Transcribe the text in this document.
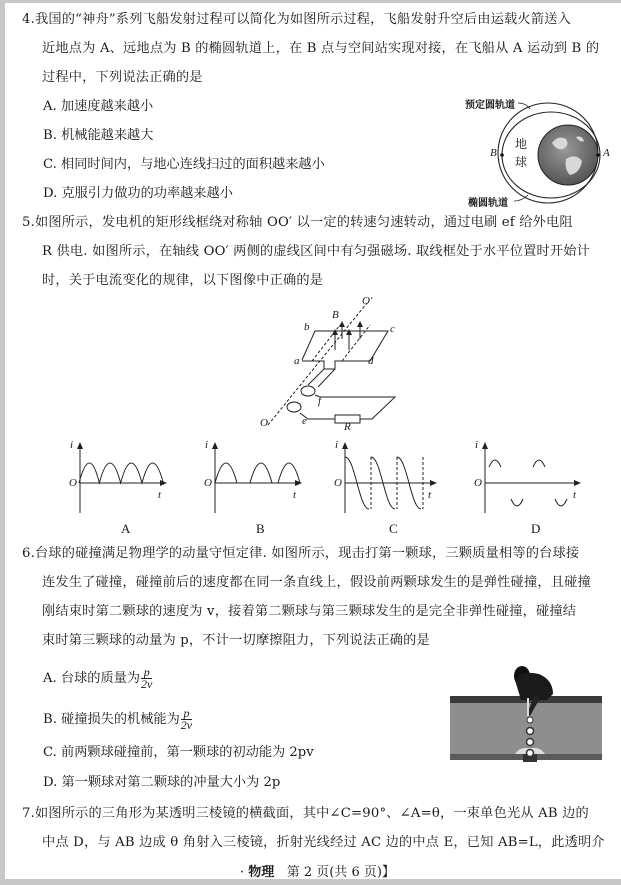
4.我国的“神舟”系列飞船发射过程可以简化为如图所示过程，飞船发射升空后由运载火箭送入
近地点为 A、远地点为 B 的椭圆轨道上，在 B 点与空间站实现对接，在飞船从 A 运动到 B 的
过程中，下列说法正确的是
A. 加速度越来越小
B. 机械能越来越大
C. 相同时间内，与地心连线扫过的面积越来越小
D. 克服引力做功的功率越来越小
预定圆轨道
椭圆轨道
地
球
B	A
5.如图所示，发电机的矩形线框绕对称轴 OO′ 以一定的转速匀速转动，通过电刷 ef 给外电阻
R 供电. 如图所示，在轴线 OO′ 两侧的虚线区间中有匀强磁场. 取线框处于水平位置时开始计
时，关于电流变化的规律，以下图像中正确的是
O′
B
b	c
a	d
f
e
O	R
i
O
t
A
i
O
t
B
i
O
t
C
i
O
t
D
6.台球的碰撞满足物理学的动量守恒定律. 如图所示，现击打第一颗球，三颗质量相等的台球接
连发生了碰撞，碰撞前后的速度都在同一条直线上，假设前两颗球发生的是弹性碰撞，且碰撞
刚结束时第二颗球的速度为 v，接着第二颗球与第三颗球发生的是完全非弹性碰撞，碰撞结
束时第三颗球的动量为 p，不计一切摩擦阻力，下列说法正确的是
A. 台球的质量为 $\frac{p}{2v}$
B. 碰撞损失的机械能为 $\frac{p}{2v}$
C. 前两颗球碰撞前，第一颗球的初动能为 2pv
D. 第一颗球对第二颗球的冲量大小为 2p
7.如图所示的三角形为某透明三棱镜的横截面，其中∠C=90°、∠A=θ，一束单色光从 AB 边的
中点 D，与 AB 边成 θ 角射入三棱镜，折射光线经过 AC 边的中点 E，已知 AB=L，此透明介
· 物理 第 2 页(共 6 页)】
